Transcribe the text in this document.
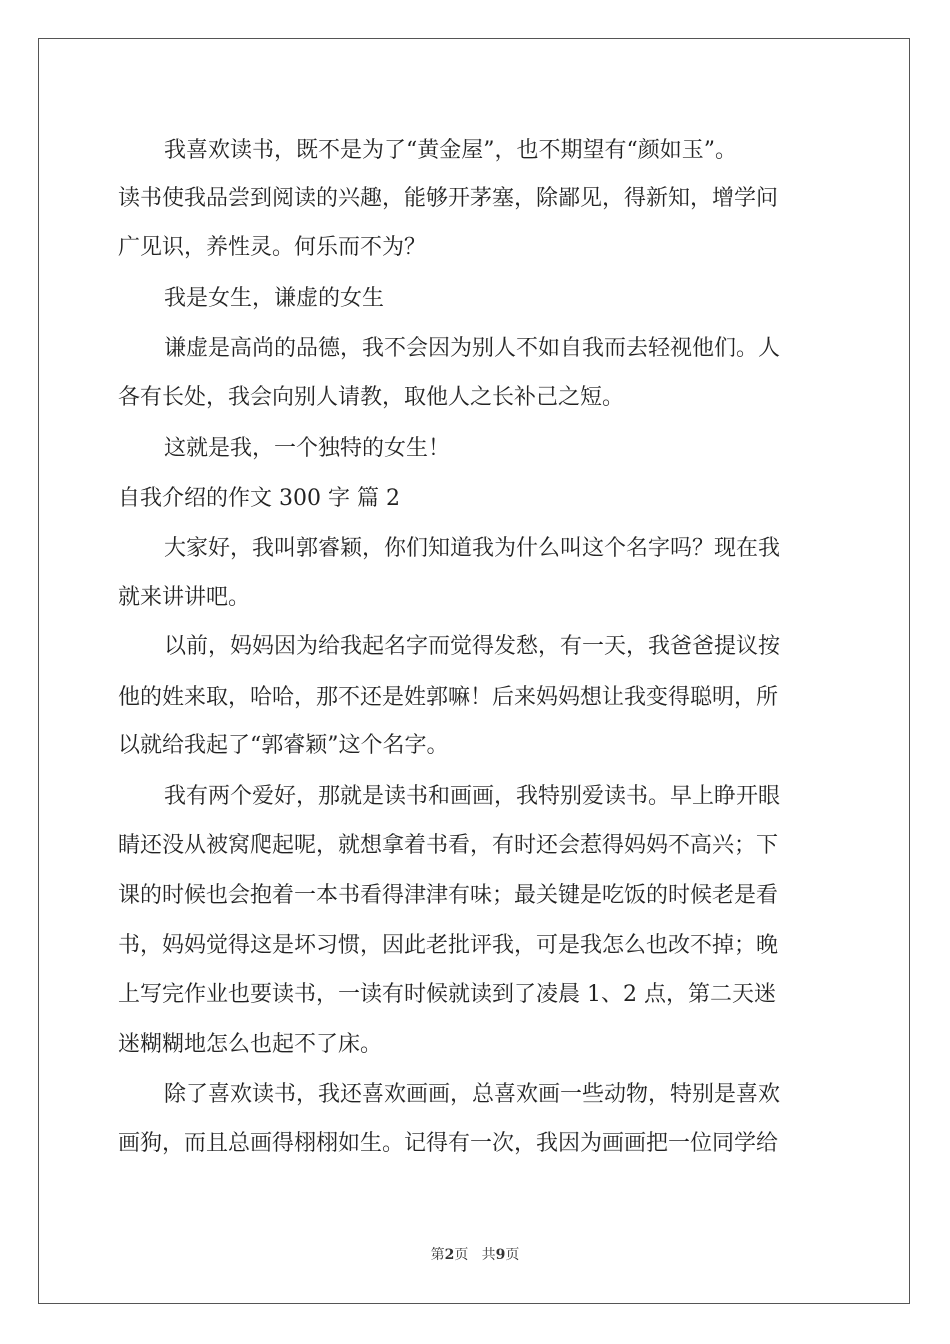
我喜欢读书，既不是为了“黄金屋”，也不期望有“颜如玉”。

读书使我品尝到阅读的兴趣，能够开茅塞，除鄙见，得新知，增学问

广见识，养性灵。何乐而不为？

我是女生，谦虚的女生

谦虚是高尚的品德，我不会因为别人不如自我而去轻视他们。人

各有长处，我会向别人请教，取他人之长补己之短。

这就是我，一个独特的女生！

自我介绍的作文 300 字 篇 2

大家好，我叫郭睿颖，你们知道我为什么叫这个名字吗？现在我

就来讲讲吧。

以前，妈妈因为给我起名字而觉得发愁，有一天，我爸爸提议按

他的姓来取，哈哈，那不还是姓郭嘛！后来妈妈想让我变得聪明，所

以就给我起了“郭睿颖”这个名字。

我有两个爱好，那就是读书和画画，我特别爱读书。早上睁开眼

睛还没从被窝爬起呢，就想拿着书看，有时还会惹得妈妈不高兴；下

课的时候也会抱着一本书看得津津有味；最关键是吃饭的时候老是看

书，妈妈觉得这是坏习惯，因此老批评我，可是我怎么也改不掉；晚

上写完作业也要读书，一读有时候就读到了凌晨 1、2 点，第二天迷

迷糊糊地怎么也起不了床。

除了喜欢读书，我还喜欢画画，总喜欢画一些动物，特别是喜欢

画狗，而且总画得栩栩如生。记得有一次，我因为画画把一位同学给

第2页 共9页
